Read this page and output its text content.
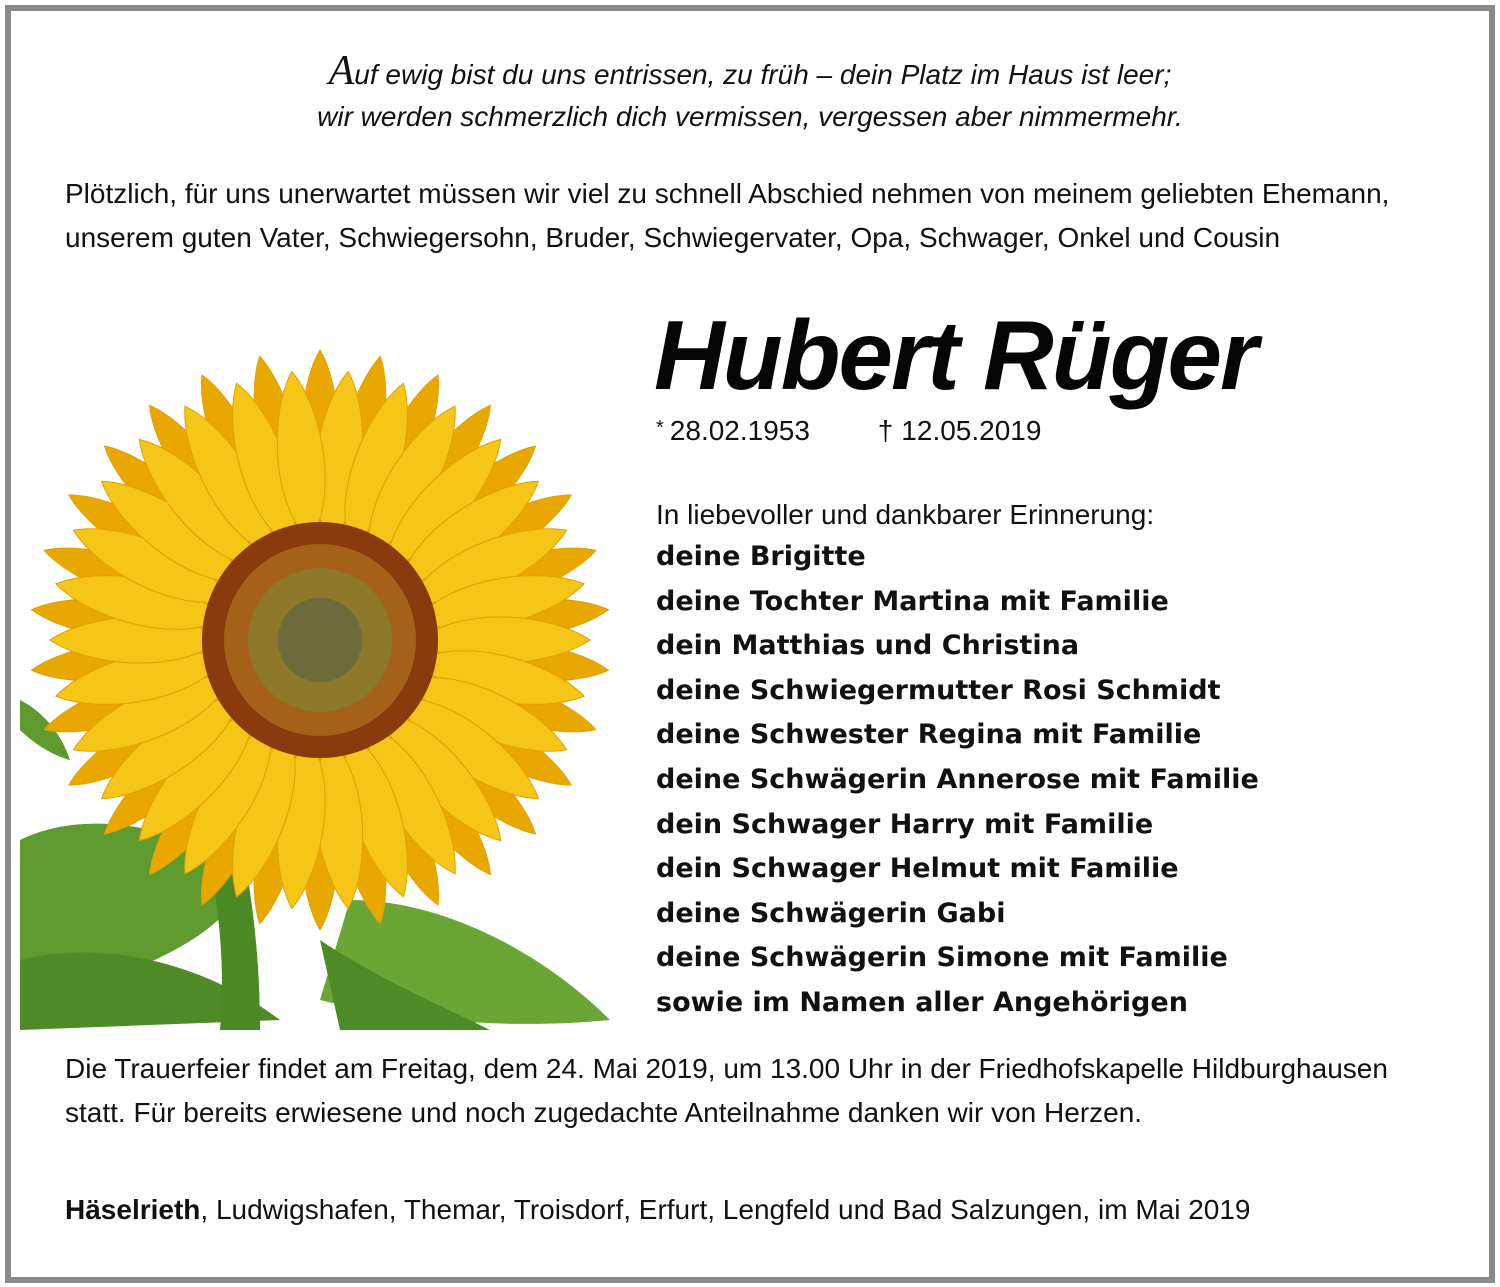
Auf ewig bist du uns entrissen, zu früh – dein Platz im Haus ist leer;
wir werden schmerzlich dich vermissen, vergessen aber nimmermehr.
Plötzlich, für uns unerwartet müssen wir viel zu schnell Abschied nehmen von meinem geliebten Ehemann, unserem guten Vater, Schwiegersohn, Bruder, Schwiegervater, Opa, Schwager, Onkel und Cousin
Hubert Rüger
* 28.02.1953 † 12.05.2019
In liebevoller und dankbarer Erinnerung:
deine Brigitte
deine Tochter Martina mit Familie
dein Matthias und Christina
deine Schwiegermutter Rosi Schmidt
deine Schwester Regina mit Familie
deine Schwägerin Annerose mit Familie
dein Schwager Harry mit Familie
dein Schwager Helmut mit Familie
deine Schwägerin Gabi
deine Schwägerin Simone mit Familie
sowie im Namen aller Angehörigen
Die Trauerfeier findet am Freitag, dem 24. Mai 2019, um 13.00 Uhr in der Friedhofskapelle Hildburghausen statt. Für bereits erwiesene und noch zugedachte Anteilnahme danken wir von Herzen.
Häselrieth, Ludwigshafen, Themar, Troisdorf, Erfurt, Lengfeld und Bad Salzungen, im Mai 2019
